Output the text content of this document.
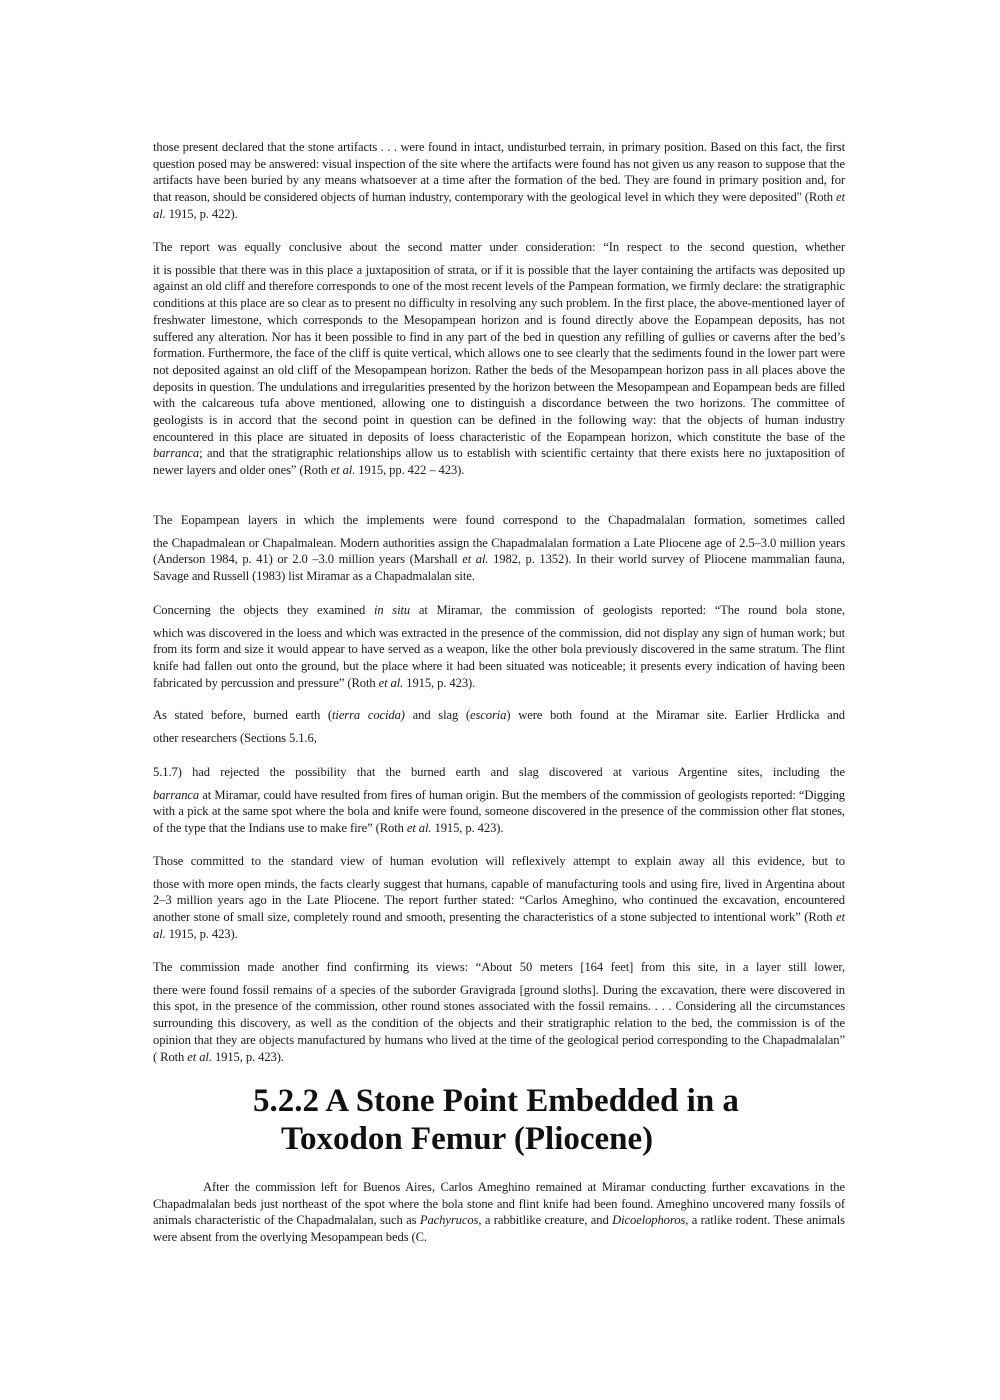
those present declared that the stone artifacts . . . were found in intact, undisturbed terrain, in primary position. Based on this fact, the first question posed may be answered: visual inspection of the site where the artifacts were found has not given us any reason to suppose that the artifacts have been buried by any means whatsoever at a time after the formation of the bed. They are found in primary position and, for that reason, should be considered objects of human industry, contemporary with the geological level in which they were deposited" (Roth et al. 1915, p. 422).

The report was equally conclusive about the second matter under consideration: “In respect to the second question, whether
it is possible that there was in this place a juxtaposition of strata, or if it is possible that the layer containing the artifacts was deposited up against an old cliff and therefore corresponds to one of the most recent levels of the Pampean formation, we firmly declare: the stratigraphic conditions at this place are so clear as to present no difficulty in resolving any such problem. In the first place, the above-mentioned layer of freshwater limestone, which corresponds to the Mesopampean horizon and is found directly above the Eopampean deposits, has not suffered any alteration. Nor has it been possible to find in any part of the bed in question any refilling of gullies or caverns after the bed’s formation. Furthermore, the face of the cliff is quite vertical, which allows one to see clearly that the sediments found in the lower part were not deposited against an old cliff of the Mesopampean horizon. Rather the beds of the Mesopampean horizon pass in all places above the deposits in question. The undulations and irregularities presented by the horizon between the Mesopampean and Eopampean beds are filled with the calcareous tufa above mentioned, allowing one to distinguish a discordance between the two horizons. The committee of geologists is in accord that the second point in question can be defined in the following way: that the objects of human industry encountered in this place are situated in deposits of loess characteristic of the Eopampean horizon, which constitute the base of the barranca; and that the stratigraphic relationships allow us to establish with scientific certainty that there exists here no juxtaposition of newer layers and older ones” (Roth et al. 1915, pp. 422 – 423).

The Eopampean layers in which the implements were found correspond to the Chapadmalalan formation, sometimes called
the Chapadmalean or Chapalmalean. Modern authorities assign the Chapadmalalan formation a Late Pliocene age of 2.5–3.0 million years (Anderson 1984, p. 41) or 2.0 –3.0 million years (Marshall et al. 1982, p. 1352). In their world survey of Pliocene mammalian fauna, Savage and Russell (1983) list Miramar as a Chapadmalalan site.

Concerning the objects they examined in situ at Miramar, the commission of geologists reported: “The round bola stone,
which was discovered in the loess and which was extracted in the presence of the commission, did not display any sign of human work; but from its form and size it would appear to have served as a weapon, like the other bola previously discovered in the same stratum. The flint knife had fallen out onto the ground, but the place where it had been situated was noticeable; it presents every indication of having been fabricated by percussion and pressure” (Roth et al. 1915, p. 423).

As stated before, burned earth (tierra cocida) and slag (escoria) were both found at the Miramar site. Earlier Hrdlicka and
other researchers (Sections 5.1.6,

5.1.7) had rejected the possibility that the burned earth and slag discovered at various Argentine sites, including the
barranca at Miramar, could have resulted from fires of human origin. But the members of the commission of geologists reported: “Digging with a pick at the same spot where the bola and knife were found, someone discovered in the presence of the commission other flat stones, of the type that the Indians use to make fire” (Roth et al. 1915, p. 423).

Those committed to the standard view of human evolution will reflexively attempt to explain away all this evidence, but to
those with more open minds, the facts clearly suggest that humans, capable of manufacturing tools and using fire, lived in Argentina about 2–3 million years ago in the Late Pliocene. The report further stated: “Carlos Ameghino, who continued the excavation, encountered another stone of small size, completely round and smooth, presenting the characteristics of a stone subjected to intentional work” (Roth et al. 1915, p. 423).

The commission made another find confirming its views: “About 50 meters [164 feet] from this site, in a layer still lower,
there were found fossil remains of a species of the suborder Gravigrada [ground sloths]. During the excavation, there were discovered in this spot, in the presence of the commission, other round stones associated with the fossil remains. . . . Considering all the circumstances surrounding this discovery, as well as the condition of the objects and their stratigraphic relation to the bed, the commission is of the opinion that they are objects manufactured by humans who lived at the time of the geological period corresponding to the Chapadmalalan” ( Roth et al. 1915, p. 423).

5.2.2 A Stone Point Embedded in a
Toxodon Femur (Pliocene)

After the commission left for Buenos Aires, Carlos Ameghino remained at Miramar conducting further excavations in the Chapadmalalan beds just northeast of the spot where the bola stone and flint knife had been found. Ameghino uncovered many fossils of animals characteristic of the Chapadmalalan, such as Pachyrucos, a rabbitlike creature, and Dicoelophoros, a ratlike rodent. These animals were absent from the overlying Mesopampean beds (C.
